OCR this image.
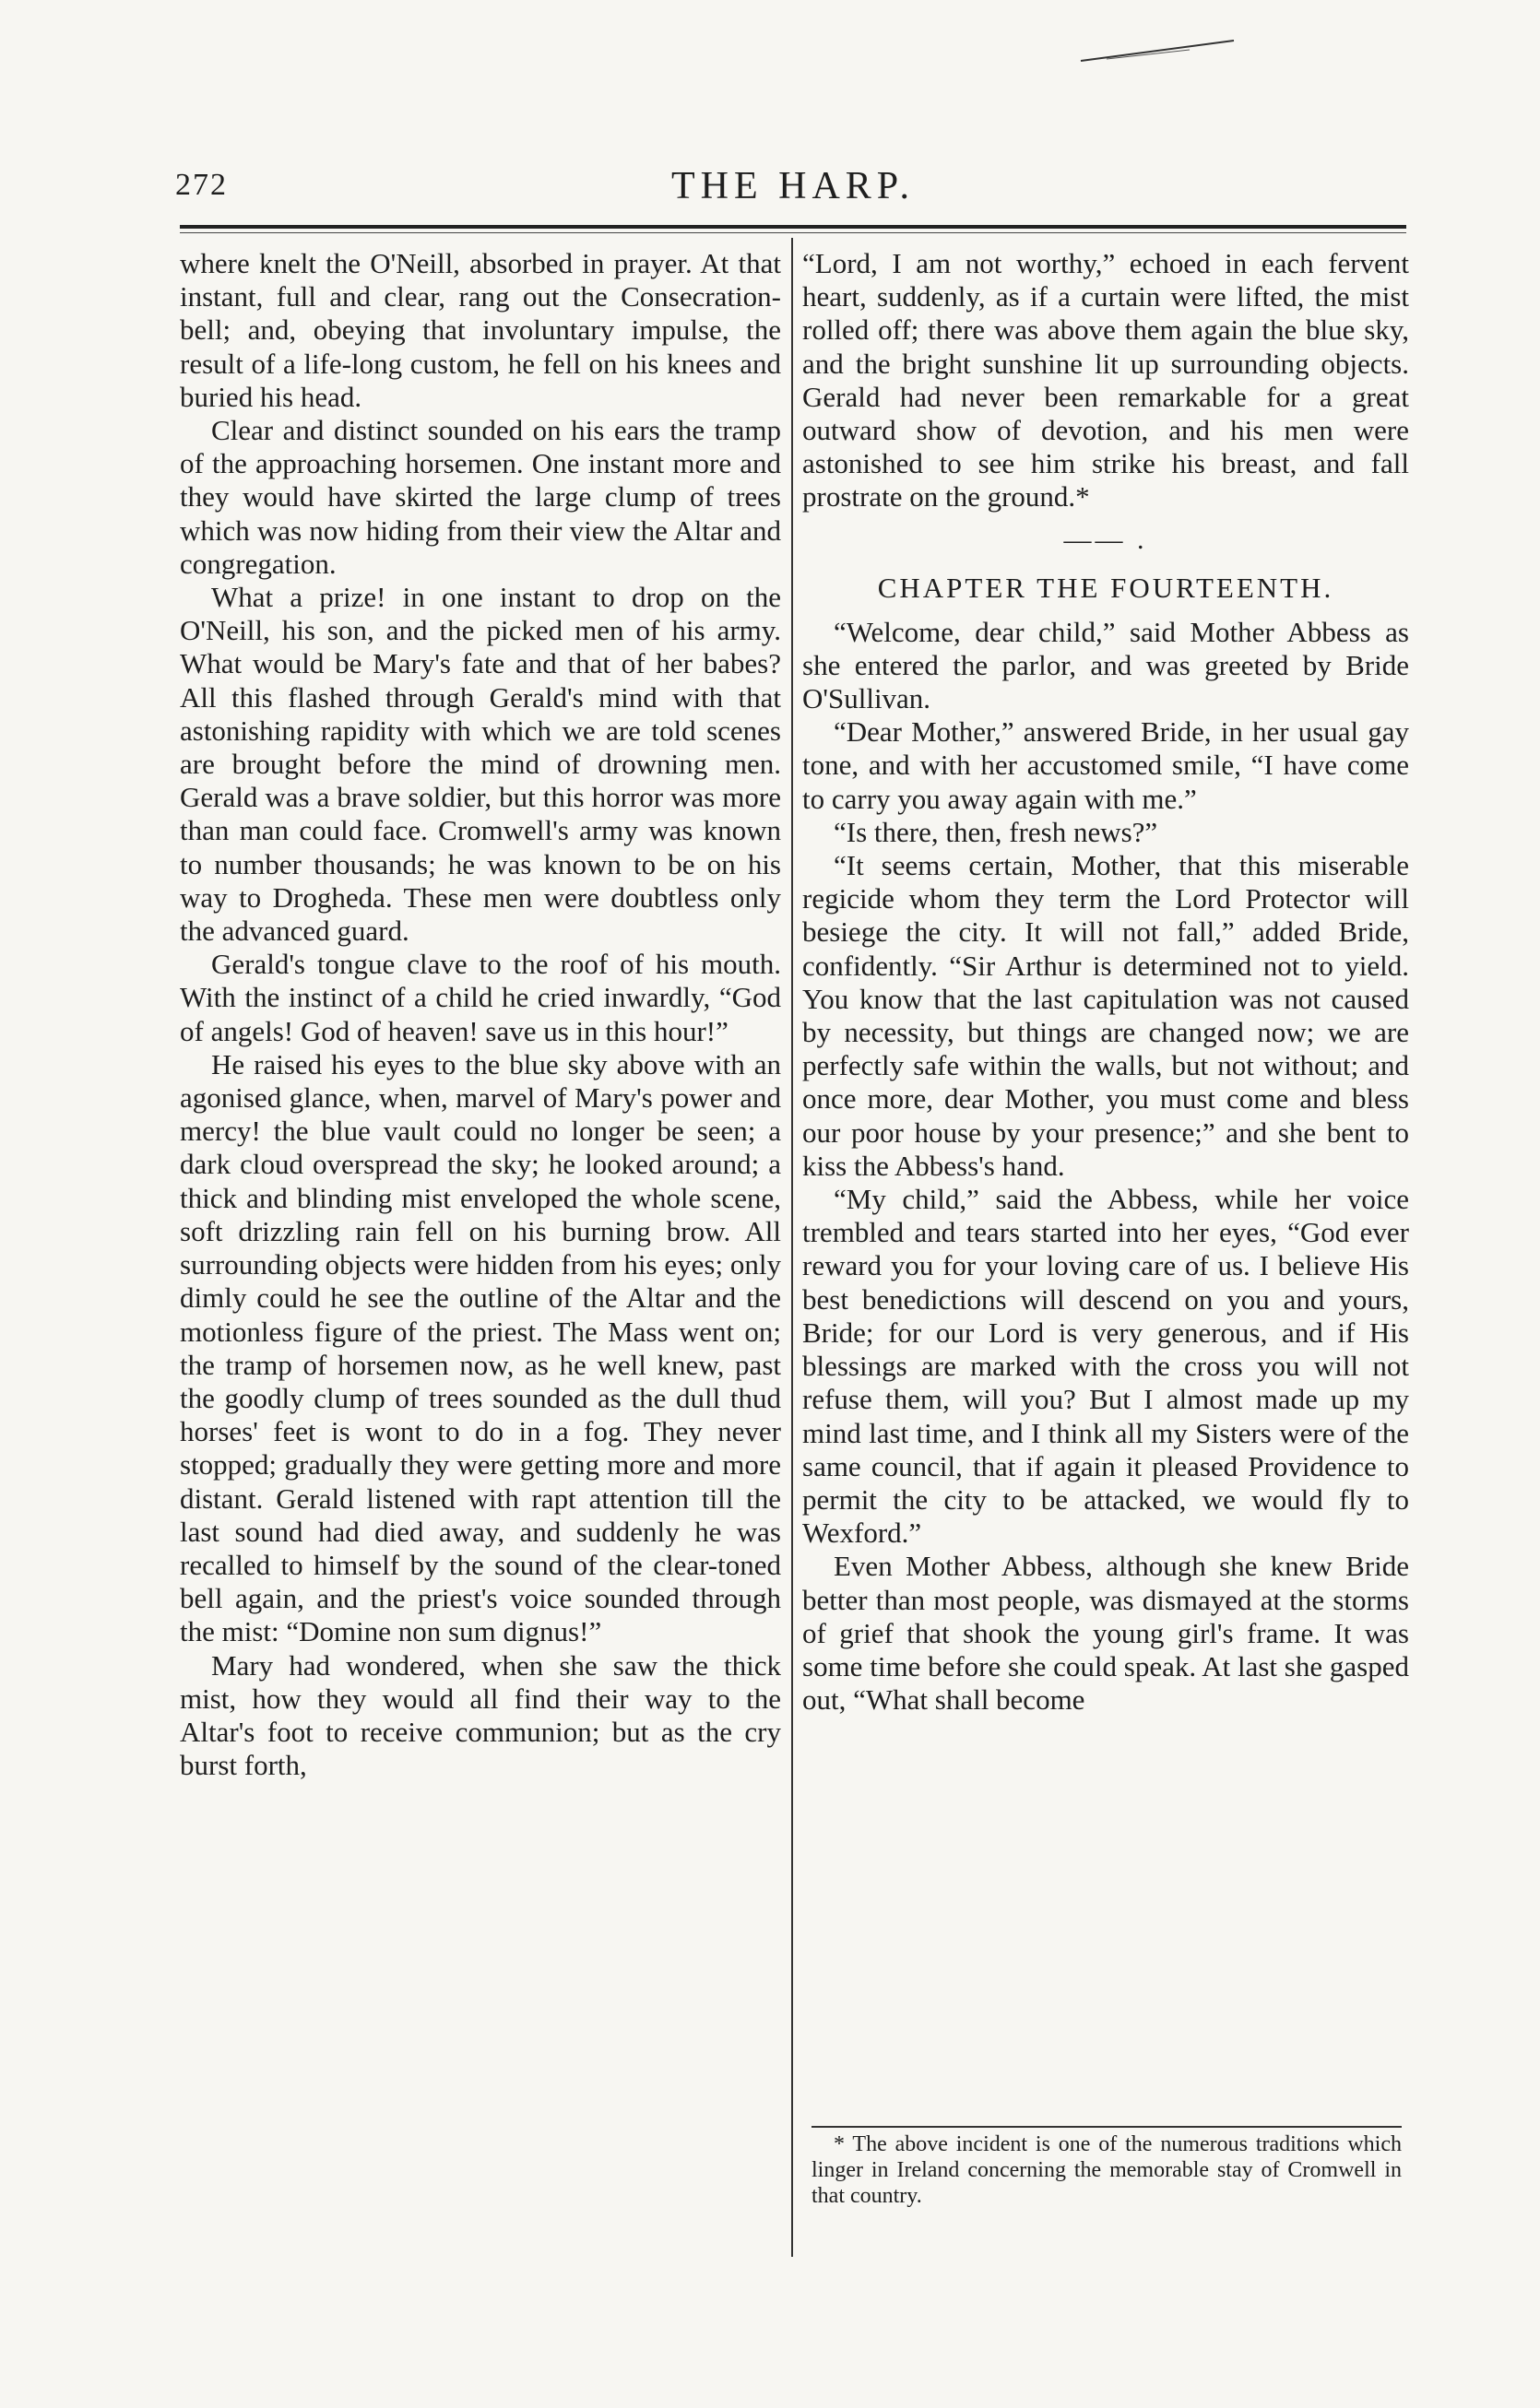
272	THE HARP.

where knelt the O'Neill, absorbed in prayer. At that instant, full and clear, rang out the Consecration-bell; and, obeying that involuntary impulse, the result of a life-long custom, he fell on his knees and buried his head.

Clear and distinct sounded on his ears the tramp of the approaching horsemen. One instant more and they would have skirted the large clump of trees which was now hiding from their view the Altar and congregation.

What a prize! in one instant to drop on the O'Neill, his son, and the picked men of his army. What would be Mary's fate and that of her babes? All this flashed through Gerald's mind with that astonishing rapidity with which we are told scenes are brought before the mind of drowning men. Gerald was a brave soldier, but this horror was more than man could face. Cromwell's army was known to number thousands; he was known to be on his way to Drogheda. These men were doubtless only the advanced guard.

Gerald's tongue clave to the roof of his mouth. With the instinct of a child he cried inwardly, “God of angels! God of heaven! save us in this hour!”

He raised his eyes to the blue sky above with an agonised glance, when, marvel of Mary's power and mercy! the blue vault could no longer be seen; a dark cloud overspread the sky; he looked around; a thick and blinding mist enveloped the whole scene, soft drizzling rain fell on his burning brow. All surrounding objects were hidden from his eyes; only dimly could he see the outline of the Altar and the motionless figure of the priest. The Mass went on; the tramp of horsemen now, as he well knew, past the goodly clump of trees sounded as the dull thud horses' feet is wont to do in a fog. They never stopped; gradually they were getting more and more distant. Gerald listened with rapt attention till the last sound had died away, and suddenly he was recalled to himself by the sound of the clear-toned bell again, and the priest's voice sounded through the mist: “Domine non sum dignus!”

Mary had wondered, when she saw the thick mist, how they would all find their way to the Altar's foot to receive communion; but as the cry burst forth,

“Lord, I am not worthy,” echoed in each fervent heart, suddenly, as if a curtain were lifted, the mist rolled off; there was above them again the blue sky, and the bright sunshine lit up surrounding objects. Gerald had never been remarkable for a great outward show of devotion, and his men were astonished to see him strike his breast, and fall prostrate on the ground.*

—— .
CHAPTER THE FOURTEENTH.

“Welcome, dear child,” said Mother Abbess as she entered the parlor, and was greeted by Bride O'Sullivan.

“Dear Mother,” answered Bride, in her usual gay tone, and with her accustomed smile, “I have come to carry you away again with me.”

“Is there, then, fresh news?”

“It seems certain, Mother, that this miserable regicide whom they term the Lord Protector will besiege the city. It will not fall,” added Bride, confidently. “Sir Arthur is determined not to yield. You know that the last capitulation was not caused by necessity, but things are changed now; we are perfectly safe within the walls, but not without; and once more, dear Mother, you must come and bless our poor house by your presence;” and she bent to kiss the Abbess's hand.

“My child,” said the Abbess, while her voice trembled and tears started into her eyes, “God ever reward you for your loving care of us. I believe His best benedictions will descend on you and yours, Bride; for our Lord is very generous, and if His blessings are marked with the cross you will not refuse them, will you? But I almost made up my mind last time, and I think all my Sisters were of the same council, that if again it pleased Providence to permit the city to be attacked, we would fly to Wexford.”

Even Mother Abbess, although she knew Bride better than most people, was dismayed at the storms of grief that shook the young girl's frame. It was some time before she could speak. At last she gasped out, “What shall become

* The above incident is one of the numerous traditions which linger in Ireland concerning the memorable stay of Cromwell in that country.
